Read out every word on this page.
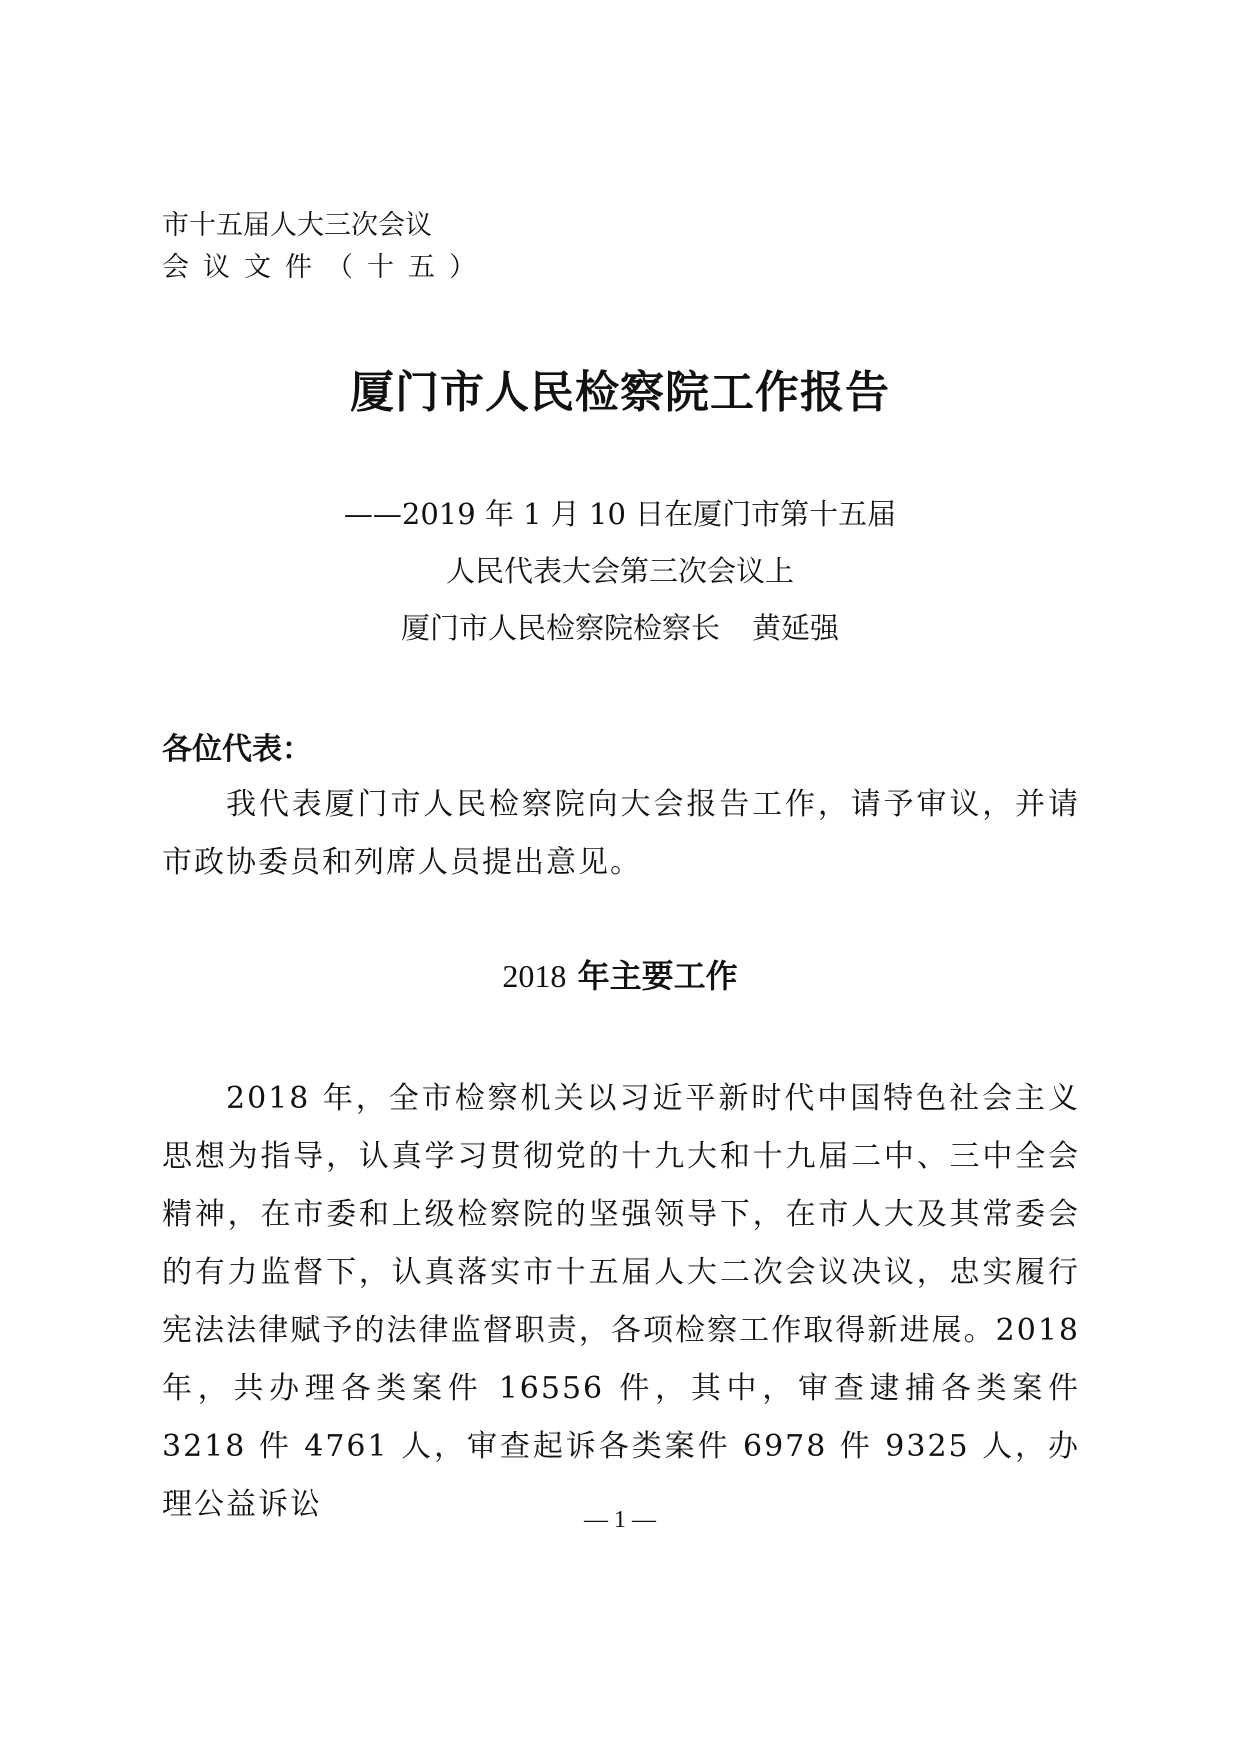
市十五届人大三次会议
会议文件（十五）
厦门市人民检察院工作报告
——2019 年 1 月 10 日在厦门市第十五届
人民代表大会第三次会议上
厦门市人民检察院检察长 黄延强
各位代表：
我代表厦门市人民检察院向大会报告工作，请予审议，并请市政协委员和列席人员提出意见。
2018 年主要工作
2018 年，全市检察机关以习近平新时代中国特色社会主义思想为指导，认真学习贯彻党的十九大和十九届二中、三中全会精神，在市委和上级检察院的坚强领导下，在市人大及其常委会的有力监督下，认真落实市十五届人大二次会议决议，忠实履行宪法法律赋予的法律监督职责，各项检察工作取得新进展。2018 年，共办理各类案件 16556 件，其中，审查逮捕各类案件 3218 件 4761 人，审查起诉各类案件 6978 件 9325 人，办理公益诉讼	— 1 —
